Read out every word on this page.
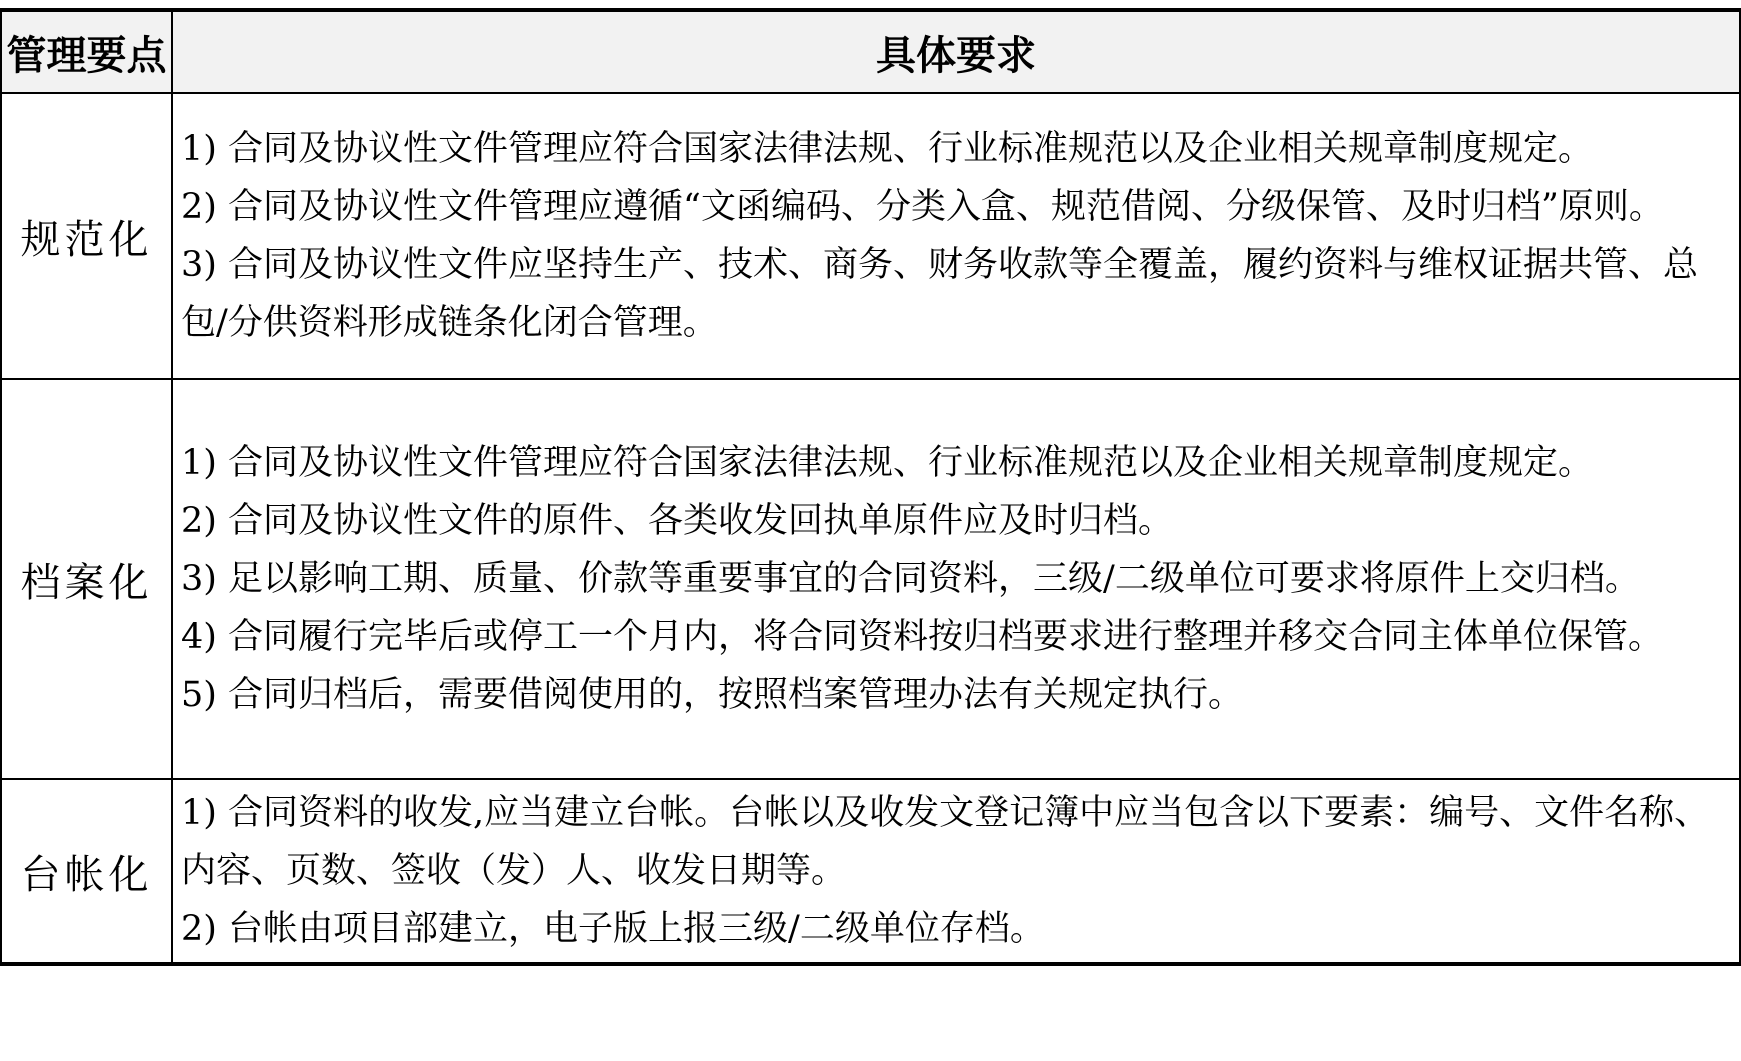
管理要点	具体要求
规范化	1) 合同及协议性文件管理应符合国家法律法规、行业标准规范以及企业相关规章制度规定。
2) 合同及协议性文件管理应遵循“文函编码、分类入盒、规范借阅、分级保管、及时归档”原则。
3) 合同及协议性文件应坚持生产、技术、商务、财务收款等全覆盖，履约资料与维权证据共管、总包/分供资料形成链条化闭合管理。

档案化	1) 合同及协议性文件管理应符合国家法律法规、行业标准规范以及企业相关规章制度规定。
2) 合同及协议性文件的原件、各类收发回执单原件应及时归档。
3) 足以影响工期、质量、价款等重要事宜的合同资料，三级/二级单位可要求将原件上交归档。
4) 合同履行完毕后或停工一个月内，将合同资料按归档要求进行整理并移交合同主体单位保管。
5) 合同归档后，需要借阅使用的，按照档案管理办法有关规定执行。

台帐化	1) 合同资料的收发,应当建立台帐。台帐以及收发文登记簿中应当包含以下要素：编号、文件名称、内容、页数、签收（发）人、收发日期等。
2) 台帐由项目部建立，电子版上报三级/二级单位存档。
